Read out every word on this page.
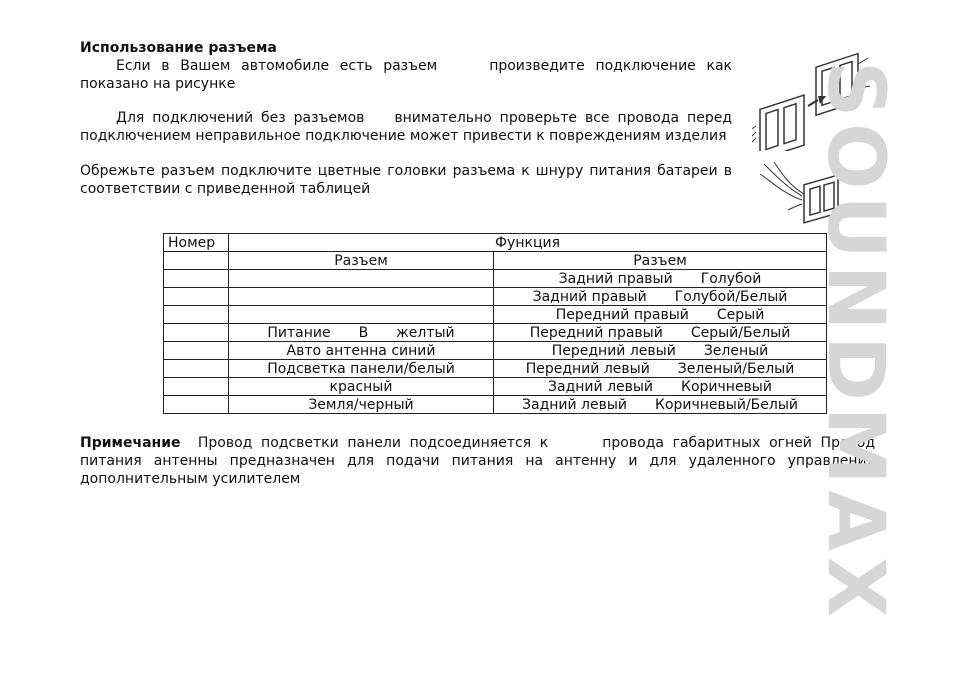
Использование разъема
Если в Вашем автомобиле есть разъем	произведите подключение как показано на рисунке
Для подключений без разъемов внимательно проверьте все провода перед подключением неправильное подключение может привести к повреждениям изделия
Обрежьте разъем подключите цветные головки разъема к шнуру питания батареи в соответствии с приведенной таблицей
Номер	Функция	
	Разъем	Разъем

		Задний правый Голубой

		Задний правый Голубой/Белый

		Передний правый Серый

	Питание В желтый	Передний правый Серый/Белый

	Авто антенна синий	Передний левый Зеленый

	Подсветка панели/белый	Передний левый Зеленый/Белый

	красный	Задний левый Коричневый

	Земля/черный	Задний левый Коричневый/Белый
Примечание Провод подсветки панели подсоединяется к	провода габаритных огней Провод питания антенны предназначен для подачи питания на антенну и для удаленного управления дополнительным усилителем	SOUNDMAX
